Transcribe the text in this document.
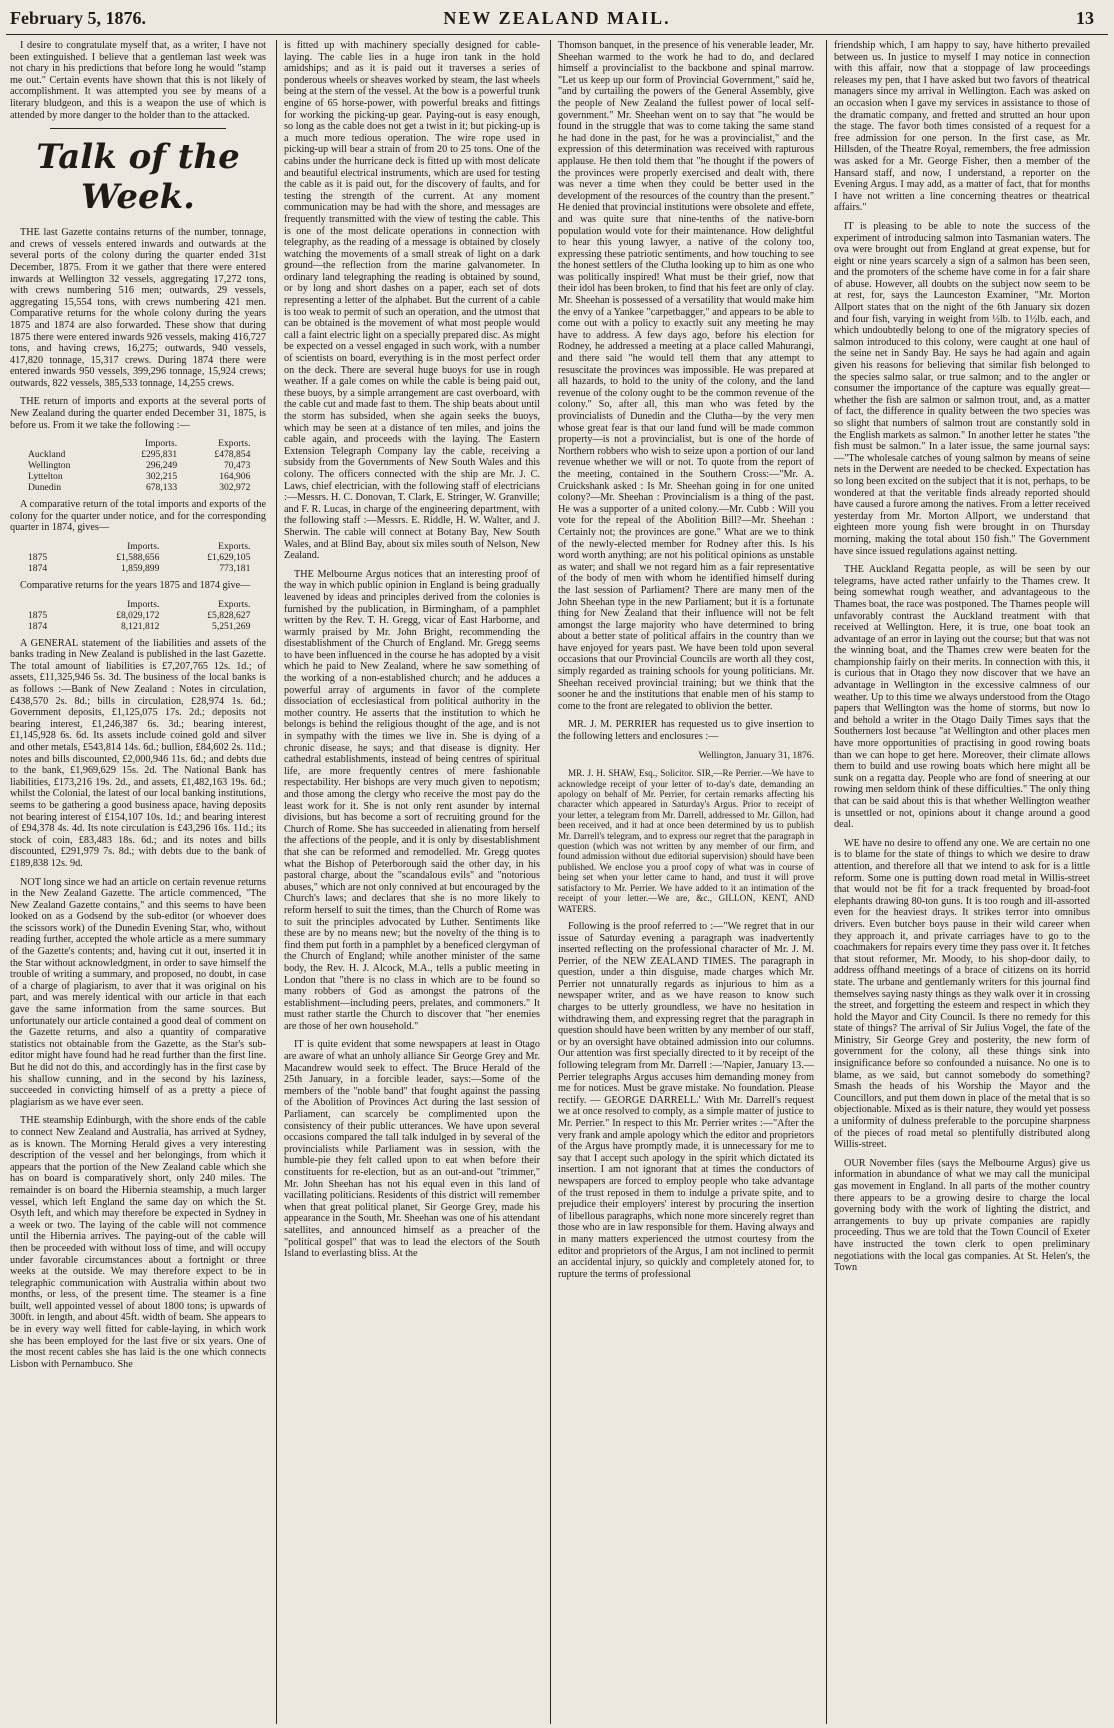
February 5, 1876.	NEW ZEALAND MAIL.	13

I desire to congratulate myself that, as a writer, I have not been extinguished. I believe that a gentleman last week was not chary in his predictions that before long he would "stamp me out." Certain events have shown that this is not likely of accomplishment. It was attempted you see by means of a literary bludgeon, and this is a weapon the use of which is attended by more danger to the holder than to the attacked.

Talk of the Week.

THE last Gazette contains returns of the number, tonnage, and crews of vessels entered inwards and outwards at the several ports of the colony during the quarter ended 31st December, 1875. From it we gather that there were entered inwards at Wellington 32 vessels, aggregating 17,272 tons, with crews numbering 516 men; outwards, 29 vessels, aggregating 15,554 tons, with crews numbering 421 men. Comparative returns for the whole colony during the years 1875 and 1874 are also forwarded. These show that during 1875 there were entered inwards 926 vessels, making 416,727 tons, and having crews, 16,275; outwards, 940 vessels, 417,820 tonnage, 15,317 crews. During 1874 there were entered inwards 950 vessels, 399,296 tonnage, 15,924 crews; outwards, 822 vessels, 385,533 tonnage, 14,255 crews.

THE return of imports and exports at the several ports of New Zealand during the quarter ended December 31, 1875, is before us. From it we take the following :—

	Imports.	Exports.
Auckland	£295,831	£478,854
Wellington	296,249	70,473
Lyttelton	302,215	164,906
Dunedin	678,133	302,972

A comparative return of the total imports and exports of the colony for the quarter under notice, and for the corresponding quarter in 1874, gives—

	Imports.	Exports.
1875	£1,588,656	£1,629,105
1874	1,859,899	773,181

Comparative returns for the years 1875 and 1874 give—

	Imports.	Exports.
1875	£8,029,172	£5,828,627
1874	8,121,812	5,251,269

A GENERAL statement of the liabilities and assets of the banks trading in New Zealand is published in the last Gazette. The total amount of liabilities is £7,207,765 12s. 1d.; of assets, £11,325,946 5s. 3d. The business of the local banks is as follows :—Bank of New Zealand : Notes in circulation, £438,570 2s. 8d.; bills in circulation, £28,974 1s. 6d.; Government deposits, £1,125,075 17s. 2d.; deposits not bearing interest, £1,246,387 6s. 3d.; bearing interest, £1,145,928 6s. 6d. Its assets include coined gold and silver and other metals, £543,814 14s. 6d.; bullion, £84,602 2s. 11d.; notes and bills discounted, £2,000,946 11s. 6d.; and debts due to the bank, £1,969,629 15s. 2d. The National Bank has liabilities, £173,216 19s. 2d., and assets, £1,482,163 19s. 6d.; whilst the Colonial, the latest of our local banking institutions, seems to be gathering a good business apace, having deposits not bearing interest of £154,107 10s. 1d.; and bearing interest of £94,378 4s. 4d. Its note circulation is £43,296 16s. 11d.; its stock of coin, £83,483 18s. 6d.; and its notes and bills discounted, £291,979 7s. 8d.; with debts due to the bank of £189,838 12s. 9d.

NOT long since we had an article on certain revenue returns in the New Zealand Gazette. The article commenced, "The New Zealand Gazette contains," and this seems to have been looked on as a Godsend by the sub-editor (or whoever does the scissors work) of the Dunedin Evening Star, who, without reading further, accepted the whole article as a mere summary of the Gazette's contents; and, having cut it out, inserted it in the Star without acknowledgment, in order to save himself the trouble of writing a summary, and proposed, no doubt, in case of a charge of plagiarism, to aver that it was original on his part, and was merely identical with our article in that each gave the same information from the same sources. But unfortunately our article contained a good deal of comment on the Gazette returns, and also a quantity of comparative statistics not obtainable from the Gazette, as the Star's sub-editor might have found had he read further than the first line. But he did not do this, and accordingly has in the first case by his shallow cunning, and in the second by his laziness, succeeded in convicting himself of as a pretty a piece of plagiarism as we have ever seen.

THE steamship Edinburgh, with the shore ends of the cable to connect New Zealand and Australia, has arrived at Sydney, as is known. The Morning Herald gives a very interesting description of the vessel and her belongings, from which it appears that the portion of the New Zealand cable which she has on board is comparatively short, only 240 miles. The remainder is on board the Hibernia steamship, a much larger vessel, which left England the same day on which the St. Osyth left, and which may therefore be expected in Sydney in a week or two. The laying of the cable will not commence until the Hibernia arrives. The paying-out of the cable will then be proceeded with without loss of time, and will occupy under favorable circumstances about a fortnight or three weeks at the outside. We may therefore expect to be in telegraphic communication with Australia within about two months, or less, of the present time. The steamer is a fine built, well appointed vessel of about 1800 tons; is upwards of 300ft. in length, and about 45ft. width of beam. She appears to be in every way well fitted for cable-laying, in which work she has been employed for the last five or six years. One of the most recent cables she has laid is the one which connects Lisbon with Pernambuco. She

is fitted up with machinery specially designed for cable-laying. The cable lies in a huge iron tank in the hold amidships; and as it is paid out it traverses a series of ponderous wheels or sheaves worked by steam, the last wheels being at the stern of the vessel. At the bow is a powerful trunk engine of 65 horse-power, with powerful breaks and fittings for working the picking-up gear. Paying-out is easy enough, so long as the cable does not get a twist in it; but picking-up is a much more tedious operation. The wire rope used in picking-up will bear a strain of from 20 to 25 tons. One of the cabins under the hurricane deck is fitted up with most delicate and beautiful electrical instruments, which are used for testing the cable as it is paid out, for the discovery of faults, and for testing the strength of the current. At any moment communication may be had with the shore, and messages are frequently transmitted with the view of testing the cable. This is one of the most delicate operations in connection with telegraphy, as the reading of a message is obtained by closely watching the movements of a small streak of light on a dark ground—the reflection from the marine galvanometer. In ordinary land telegraphing the reading is obtained by sound, or by long and short dashes on a paper, each set of dots representing a letter of the alphabet. But the current of a cable is too weak to permit of such an operation, and the utmost that can be obtained is the movement of what most people would call a faint electric light on a specially prepared disc. As might be expected on a vessel engaged in such work, with a number of scientists on board, everything is in the most perfect order on the deck. There are several huge buoys for use in rough weather. If a gale comes on while the cable is being paid out, these buoys, by a simple arrangement are cast overboard, with the cable cut and made fast to them. The ship beats about until the storm has subsided, when she again seeks the buoys, which may be seen at a distance of ten miles, and joins the cable again, and proceeds with the laying. The Eastern Extension Telegraph Company lay the cable, receiving a subsidy from the Governments of New South Wales and this colony. The officers connected with the ship are Mr. J. C. Laws, chief electrician, with the following staff of electricians :—Messrs. H. C. Donovan, T. Clark, E. Stringer, W. Granville; and F. R. Lucas, in charge of the engineering department, with the following staff :—Messrs. E. Riddle, H. W. Walter, and J. Sherwin. The cable will connect at Botany Bay, New South Wales, and at Blind Bay, about six miles south of Nelson, New Zealand.

THE Melbourne Argus notices that an interesting proof of the way in which public opinion in England is being gradually leavened by ideas and principles derived from the colonies is furnished by the publication, in Birmingham, of a pamphlet written by the Rev. T. H. Gregg, vicar of East Harborne, and warmly praised by Mr. John Bright, recommending the disestablishment of the Church of England. Mr. Gregg seems to have been influenced in the course he has adopted by a visit which he paid to New Zealand, where he saw something of the working of a non-established church; and he adduces a powerful array of arguments in favor of the complete dissociation of ecclesiastical from political authority in the mother country. He asserts that the institution to which he belongs is behind the religious thought of the age, and is not in sympathy with the times we live in. She is dying of a chronic disease, he says; and that disease is dignity. Her cathedral establishments, instead of being centres of spiritual life, are more frequently centres of mere fashionable respectability. Her bishops are very much given to nepotism; and those among the clergy who receive the most pay do the least work for it. She is not only rent asunder by internal divisions, but has become a sort of recruiting ground for the Church of Rome. She has succeeded in alienating from herself the affections of the people, and it is only by disestablishment that she can be reformed and remodelled. Mr. Gregg quotes what the Bishop of Peterborough said the other day, in his pastoral charge, about the "scandalous evils" and "notorious abuses," which are not only connived at but encouraged by the Church's laws; and declares that she is no more likely to reform herself to suit the times, than the Church of Rome was to suit the principles advocated by Luther. Sentiments like these are by no means new; but the novelty of the thing is to find them put forth in a pamphlet by a beneficed clergyman of the Church of England; while another minister of the same body, the Rev. H. J. Alcock, M.A., tells a public meeting in London that "there is no class in which are to be found so many robbers of God as amongst the patrons of the establishment—including peers, prelates, and commoners." It must rather startle the Church to discover that "her enemies are those of her own household."

IT is quite evident that some newspapers at least in Otago are aware of what an unholy alliance Sir George Grey and Mr. Macandrew would seek to effect. The Bruce Herald of the 25th January, in a forcible leader, says:—Some of the members of the "noble band" that fought against the passing of the Abolition of Provinces Act during the last session of Parliament, can scarcely be complimented upon the consistency of their public utterances. We have upon several occasions compared the tall talk indulged in by several of the provincialists while Parliament was in session, with the humble-pie they felt called upon to eat when before their constituents for re-election, but as an out-and-out "trimmer," Mr. John Sheehan has not his equal even in this land of vacillating politicians. Residents of this district will remember when that great political planet, Sir George Grey, made his appearance in the South, Mr. Sheehan was one of his attendant satellites, and announced himself as a preacher of the "political gospel" that was to lead the electors of the South Island to everlasting bliss. At the

Thomson banquet, in the presence of his venerable leader, Mr. Sheehan warmed to the work he had to do, and declared himself a provincialist to the backbone and spinal marrow. "Let us keep up our form of Provincial Government," said he, "and by curtailing the powers of the General Assembly, give the people of New Zealand the fullest power of local self-government." Mr. Sheehan went on to say that "he would be found in the struggle that was to come taking the same stand he had done in the past, for he was a provincialist," and the expression of this determination was received with rapturous applause. He then told them that "he thought if the powers of the provinces were properly exercised and dealt with, there was never a time when they could be better used in the development of the resources of the country than the present." He denied that provincial institutions were obsolete and effete, and was quite sure that nine-tenths of the native-born population would vote for their maintenance. How delightful to hear this young lawyer, a native of the colony too, expressing these patriotic sentiments, and how touching to see the honest settlers of the Clutha looking up to him as one who was politically inspired! What must be their grief, now that their idol has been broken, to find that his feet are only of clay. Mr. Sheehan is possessed of a versatility that would make him the envy of a Yankee "carpetbagger," and appears to be able to come out with a policy to exactly suit any meeting he may have to address. A few days ago, before his election for Rodney, he addressed a meeting at a place called Mahurangi, and there said "he would tell them that any attempt to resuscitate the provinces was impossible. He was prepared at all hazards, to hold to the unity of the colony, and the land revenue of the colony ought to be the common revenue of the colony." So, after all, this man who was feted by the provincialists of Dunedin and the Clutha—by the very men whose great fear is that our land fund will be made common property—is not a provincialist, but is one of the horde of Northern robbers who wish to seize upon a portion of our land revenue whether we will or not. To quote from the report of the meeting, contained in the Southern Cross:—"Mr. A. Cruickshank asked : Is Mr. Sheehan going in for one united colony?—Mr. Sheehan : Provincialism is a thing of the past. He was a supporter of a united colony.—Mr. Cubb : Will you vote for the repeal of the Abolition Bill?—Mr. Sheehan : Certainly not; the provinces are gone." What are we to think of the newly-elected member for Rodney after this. Is his word worth anything; are not his political opinions as unstable as water; and shall we not regard him as a fair representative of the body of men with whom he identified himself during the last session of Parliament? There are many men of the John Sheehan type in the new Parliament; but it is a fortunate thing for New Zealand that their influence will not be felt amongst the large majority who have determined to bring about a better state of political affairs in the country than we have enjoyed for years past. We have been told upon several occasions that our Provincial Councils are worth all they cost, simply regarded as training schools for young politicians. Mr. Sheehan received provincial training; but we think that the sooner he and the institutions that enable men of his stamp to come to the front are relegated to oblivion the better.

MR. J. M. PERRIER has requested us to give insertion to the following letters and enclosures :—

Wellington, January 31, 1876.

MR. J. H. SHAW, Esq., Solicitor. SIR,—Re Perrier.—We have to acknowledge receipt of your letter of to-day's date, demanding an apology on behalf of Mr. Perrier, for certain remarks affecting his character which appeared in Saturday's Argus. Prior to receipt of your letter, a telegram from Mr. Darrell, addressed to Mr. Gillon, had been received, and it had at once been determined by us to publish Mr. Darrell's telegram, and to express our regret that the paragraph in question (which was not written by any member of our firm, and found admission without due editorial supervision) should have been published. We enclose you a proof copy of what was in course of being set when your letter came to hand, and trust it will prove satisfactory to Mr. Perrier. We have added to it an intimation of the receipt of your letter.—We are, &c., GILLON, KENT, AND WATERS.

Following is the proof referred to :—"We regret that in our issue of Saturday evening a paragraph was inadvertently inserted reflecting on the professional character of Mr. J. M. Perrier, of the NEW ZEALAND TIMES. The paragraph in question, under a thin disguise, made charges which Mr. Perrier not unnaturally regards as injurious to him as a newspaper writer, and as we have reason to know such charges to be utterly groundless, we have no hesitation in withdrawing them, and expressing regret that the paragraph in question should have been written by any member of our staff, or by an oversight have obtained admission into our columns. Our attention was first specially directed to it by receipt of the following telegram from Mr. Darrell :—'Napier, January 13.—Perrier telegraphs Argus accuses him demanding money from me for notices. Must be grave mistake. No foundation. Please rectify. — GEORGE DARRELL.' With Mr. Darrell's request we at once resolved to comply, as a simple matter of justice to Mr. Perrier." In respect to this Mr. Perrier writes :—"After the very frank and ample apology which the editor and proprietors of the Argus have promptly made, it is unnecessary for me to say that I accept such apology in the spirit which dictated its insertion. I am not ignorant that at times the conductors of newspapers are forced to employ people who take advantage of the trust reposed in them to indulge a private spite, and to prejudice their employers' interest by procuring the insertion of libellous paragraphs, which none more sincerely regret than those who are in law responsible for them. Having always and in many matters experienced the utmost courtesy from the editor and proprietors of the Argus, I am not inclined to permit an accidental injury, so quickly and completely atoned for, to rupture the terms of professional

friendship which, I am happy to say, have hitherto prevailed between us. In justice to myself I may notice in connection with this affair, now that a stoppage of law proceedings releases my pen, that I have asked but two favors of theatrical managers since my arrival in Wellington. Each was asked on an occasion when I gave my services in assistance to those of the dramatic company, and fretted and strutted an hour upon the stage. The favor both times consisted of a request for a free admission for one person. In the first case, as Mr. Hillsden, of the Theatre Royal, remembers, the free admission was asked for a Mr. George Fisher, then a member of the Hansard staff, and now, I understand, a reporter on the Evening Argus. I may add, as a matter of fact, that for months I have not written a line concerning theatres or theatrical affairs."

IT is pleasing to be able to note the success of the experiment of introducing salmon into Tasmanian waters. The ova were brought out from England at great expense, but for eight or nine years scarcely a sign of a salmon has been seen, and the promoters of the scheme have come in for a fair share of abuse. However, all doubts on the subject now seem to be at rest, for, says the Launceston Examiner, "Mr. Morton Allport states that on the night of the 6th January six dozen and four fish, varying in weight from ½lb. to 1½lb. each, and which undoubtedly belong to one of the migratory species of salmon introduced to this colony, were caught at one haul of the seine net in Sandy Bay. He says he had again and again given his reasons for believing that similar fish belonged to the species salmo salar, or true salmon; and to the angler or consumer the importance of the capture was equally great—whether the fish are salmon or salmon trout, and, as a matter of fact, the difference in quality between the two species was so slight that numbers of salmon trout are constantly sold in the English markets as salmon." In another letter he states "the fish must be salmon." In a later issue, the same journal says:—"The wholesale catches of young salmon by means of seine nets in the Derwent are needed to be checked. Expectation has so long been excited on the subject that it is not, perhaps, to be wondered at that the veritable finds already reported should have caused a furore among the natives. From a letter received yesterday from Mr. Morton Allport, we understand that eighteen more young fish were brought in on Thursday morning, making the total about 150 fish." The Government have since issued regulations against netting.

THE Auckland Regatta people, as will be seen by our telegrams, have acted rather unfairly to the Thames crew. It being somewhat rough weather, and advantageous to the Thames boat, the race was postponed. The Thames people will unfavorably contrast the Auckland treatment with that received at Wellington. Here, it is true, one boat took an advantage of an error in laying out the course; but that was not the winning boat, and the Thames crew were beaten for the championship fairly on their merits. In connection with this, it is curious that in Otago they now discover that we have an advantage in Wellington in the excessive calmness of our weather. Up to this time we always understood from the Otago papers that Wellington was the home of storms, but now lo and behold a writer in the Otago Daily Times says that the Southerners lost because "at Wellington and other places men have more opportunities of practising in good rowing boats than we can hope to get here. Moreover, their climate allows them to build and use rowing boats which here might all be sunk on a regatta day. People who are fond of sneering at our rowing men seldom think of these difficulties." The only thing that can be said about this is that whether Wellington weather is unsettled or not, opinions about it change around a good deal.

WE have no desire to offend any one. We are certain no one is to blame for the state of things to which we desire to draw attention, and therefore all that we intend to ask for is a little reform. Some one is putting down road metal in Willis-street that would not be fit for a track frequented by broad-foot elephants drawing 80-ton guns. It is too rough and ill-assorted even for the heaviest drays. It strikes terror into omnibus drivers. Even butcher boys pause in their wild career when they approach it, and private carriages have to go to the coachmakers for repairs every time they pass over it. It fetches that stout reformer, Mr. Moody, to his shop-door daily, to address offhand meetings of a brace of citizens on its horrid state. The urbane and gentlemanly writers for this journal find themselves saying nasty things as they walk over it in crossing the street, and forgetting the esteem and respect in which they hold the Mayor and City Council. Is there no remedy for this state of things? The arrival of Sir Julius Vogel, the fate of the Ministry, Sir George Grey and posterity, the new form of government for the colony, all these things sink into insignificance before so confounded a nuisance. No one is to blame, as we said, but cannot somebody do something? Smash the heads of his Worship the Mayor and the Councillors, and put them down in place of the metal that is so objectionable. Mixed as is their nature, they would yet possess a uniformity of dulness preferable to the porcupine sharpness of the pieces of road metal so plentifully distributed along Willis-street.

OUR November files (says the Melbourne Argus) give us information in abundance of what we may call the municipal gas movement in England. In all parts of the mother country there appears to be a growing desire to charge the local governing body with the work of lighting the district, and arrangements to buy up private companies are rapidly proceeding. Thus we are told that the Town Council of Exeter have instructed the town clerk to open preliminary negotiations with the local gas companies. At St. Helen's, the Town
